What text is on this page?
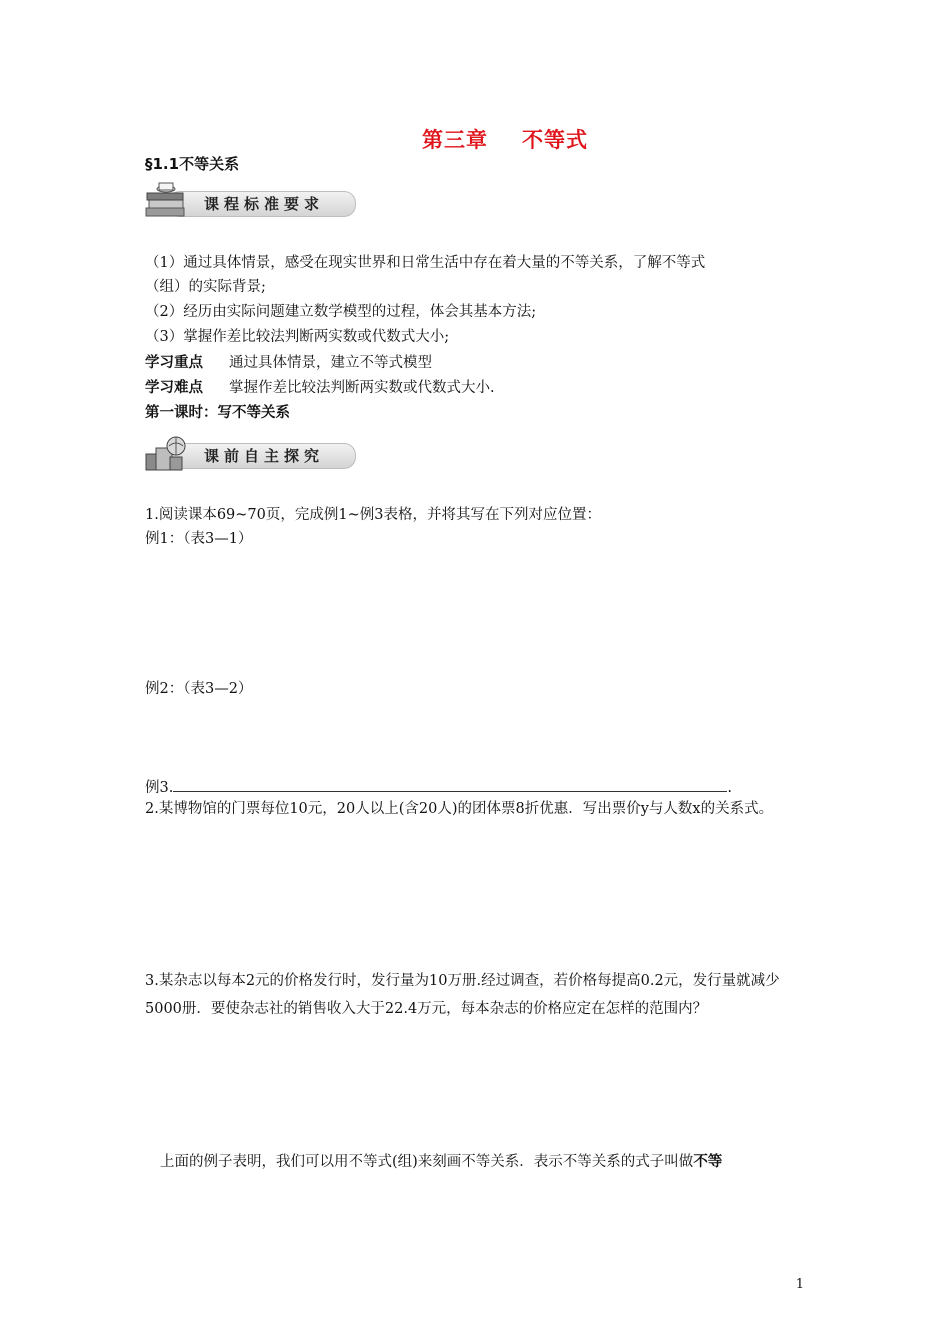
第三章 不等式
§1.1不等关系
课程标准要求
（1）通过具体情景，感受在现实世界和日常生活中存在着大量的不等关系，了解不等式
（组）的实际背景;
（2）经历由实际问题建立数学模型的过程，体会其基本方法;
（3）掌握作差比较法判断两实数或代数式大小;
学习重点 通过具体情景，建立不等式模型
学习难点 掌握作差比较法判断两实数或代数式大小.
第一课时：写不等关系
课前自主探究
1.阅读课本69~70页，完成例1~例3表格，并将其写在下列对应位置：
例1：（表3—1）
例2：（表3—2）
例3.	.
2.某博物馆的门票每位10元，20人以上(含20人)的团体票8折优惠．写出票价y与人数x的关系式。
3.某杂志以每本2元的价格发行时，发行量为10万册.经过调查，若价格每提高0.2元，发行量就减少5000册．要使杂志社的销售收入大于22.4万元，每本杂志的价格应定在怎样的范围内？
上面的例子表明，我们可以用不等式(组)来刻画不等关系．表示不等关系的式子叫做不等
1
